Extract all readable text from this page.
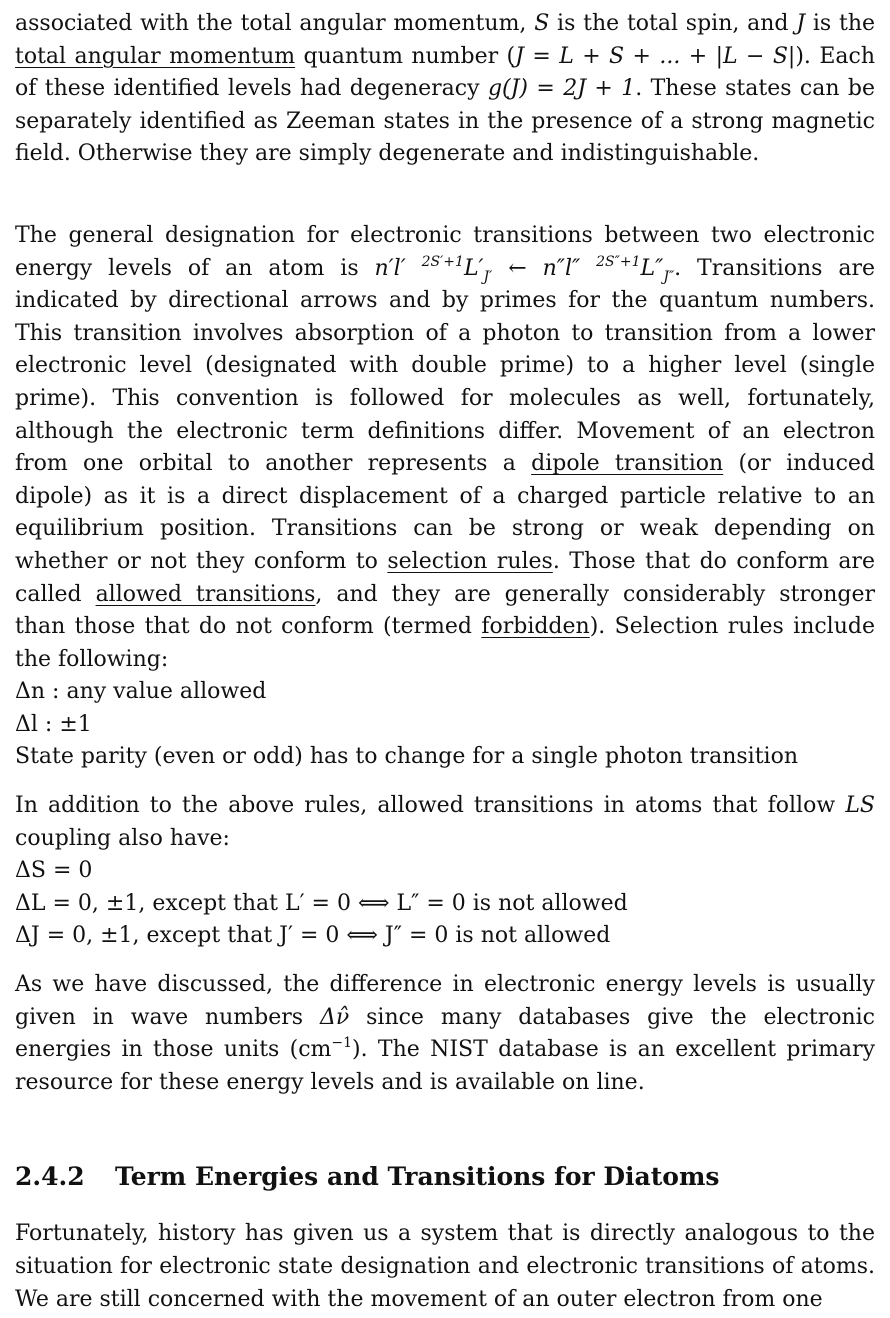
associated with the total angular momentum, S is the total spin, and J is the total angular momentum quantum number (J = L + S + ... + |L − S|). Each of these identified levels had degeneracy g(J) = 2J + 1. These states can be separately identified as Zeeman states in the presence of a strong magnetic field. Otherwise they are simply degenerate and indistinguishable.

The general designation for electronic transitions between two electronic energy levels of an atom is n′l′ $^{2S'+1}L'_{J'}$ ← n″l″ $^{2S''+1}L''_{J''}$. Transitions are indicated by directional arrows and by primes for the quantum numbers. This transition involves absorption of a photon to transition from a lower electronic level (designated with double prime) to a higher level (single prime). This convention is followed for molecules as well, fortunately, although the electronic term definitions differ. Movement of an electron from one orbital to another represents a dipole transition (or induced dipole) as it is a direct displacement of a charged particle relative to an equilibrium position. Transitions can be strong or weak depending on whether or not they conform to selection rules. Those that do conform are called allowed transitions, and they are generally considerably stronger than those that do not conform (termed forbidden). Selection rules include the following:

Δn : any value allowed
Δl : ±1
State parity (even or odd) has to change for a single photon transition

In addition to the above rules, allowed transitions in atoms that follow LS coupling also have:

ΔS = 0
ΔL = 0, ±1, except that L′ = 0 ⟺ L″ = 0 is not allowed
ΔJ = 0, ±1, except that J′ = 0 ⟺ J″ = 0 is not allowed

As we have discussed, the difference in electronic energy levels is usually given in wave numbers Δν̂ since many databases give the electronic energies in those units $(cm^{-1})$. The NIST database is an excellent primary resource for these energy levels and is available on line.

2.4.2 Term Energies and Transitions for Diatoms

Fortunately, history has given us a system that is directly analogous to the situation for electronic state designation and electronic transitions of atoms. We are still concerned with the movement of an outer electron from one
